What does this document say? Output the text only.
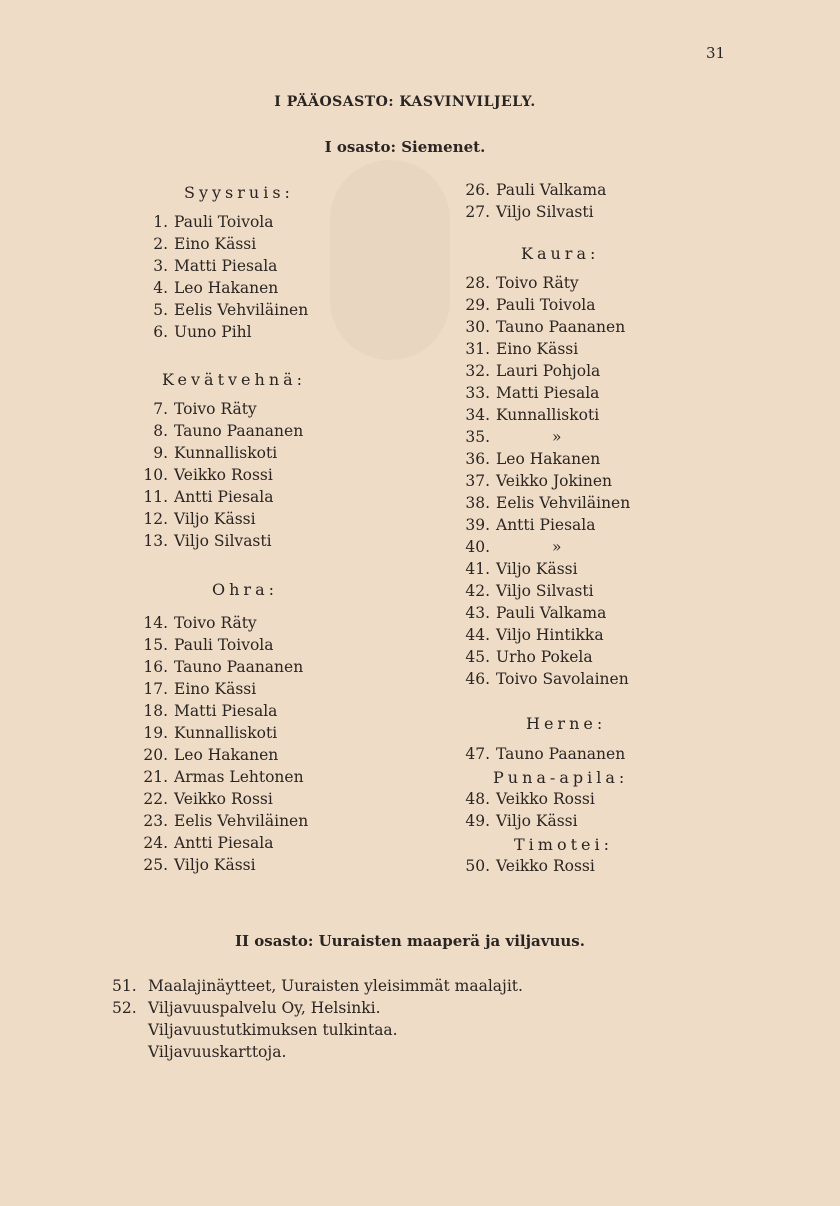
31
I PÄÄOSASTO: KASVINVILJELY.
I osasto: Siemenet.
Syysruis:
1. Pauli Toivola
2. Eino Kässi
3. Matti Piesala
4. Leo Hakanen
5. Eelis Vehviläinen
6. Uuno Pihl
Kevätvehnä:
7. Toivo Räty
8. Tauno Paananen
9. Kunnalliskoti
10. Veikko Rossi
11. Antti Piesala
12. Viljo Kässi
13. Viljo Silvasti
Ohra:
14. Toivo Räty
15. Pauli Toivola
16. Tauno Paananen
17. Eino Kässi
18. Matti Piesala
19. Kunnalliskoti
20. Leo Hakanen
21. Armas Lehtonen
22. Veikko Rossi
23. Eelis Vehviläinen
24. Antti Piesala
25. Viljo Kässi
26. Pauli Valkama
27. Viljo Silvasti
Kaura:
28. Toivo Räty
29. Pauli Toivola
30. Tauno Paananen
31. Eino Kässi
32. Lauri Pohjola
33. Matti Piesala
34. Kunnalliskoti
35.	»
36. Leo Hakanen
37. Veikko Jokinen
38. Eelis Vehviläinen
39. Antti Piesala
40.	»
41. Viljo Kässi
42. Viljo Silvasti
43. Pauli Valkama
44. Viljo Hintikka
45. Urho Pokela
46. Toivo Savolainen
Herne:
47. Tauno Paananen
Puna-apila:
48. Veikko Rossi
49. Viljo Kässi
Timotei:
50. Veikko Rossi
II osasto: Uuraisten maaperä ja viljavuus.
51. Maalajinäytteet, Uuraisten yleisimmät maalajit.
52. Viljavuuspalvelu Oy, Helsinki.
Viljavuustutkimuksen tulkintaa.
Viljavuuskarttoja.
